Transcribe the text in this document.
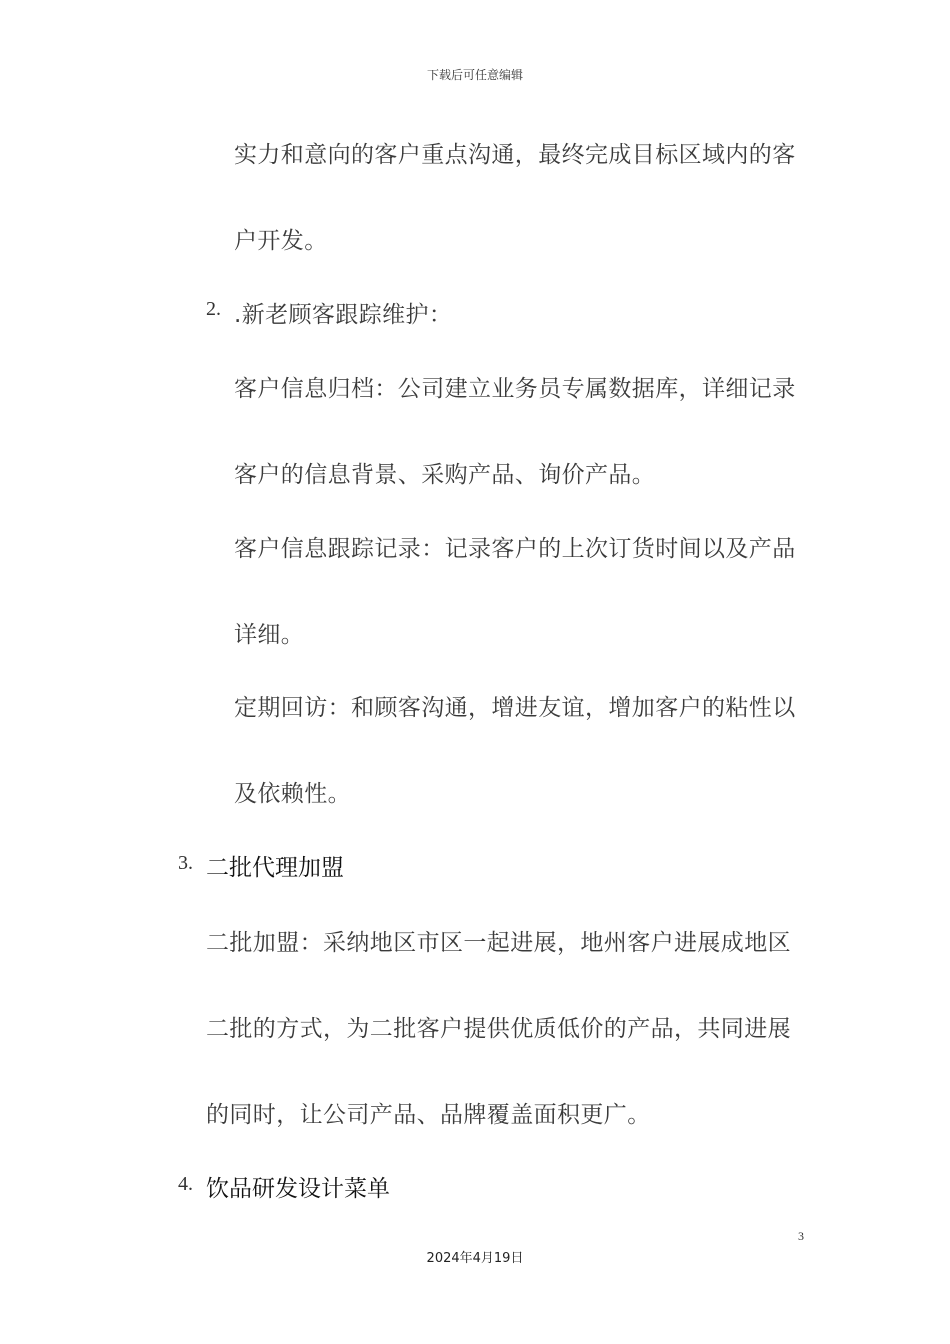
下载后可任意编辑
实力和意向的客户重点沟通，最终完成目标区域内的客
户开发。
2. .新老顾客跟踪维护：
客户信息归档：公司建立业务员专属数据库，详细记录
客户的信息背景、采购产品、询价产品。
客户信息跟踪记录：记录客户的上次订货时间以及产品
详细。
定期回访：和顾客沟通，增进友谊，增加客户的粘性以
及依赖性。
3. 二批代理加盟
二批加盟：采纳地区市区一起进展，地州客户进展成地区
二批的方式，为二批客户提供优质低价的产品，共同进展
的同时，让公司产品、品牌覆盖面积更广。
4. 饮品研发设计菜单
3
2024年4月19日
